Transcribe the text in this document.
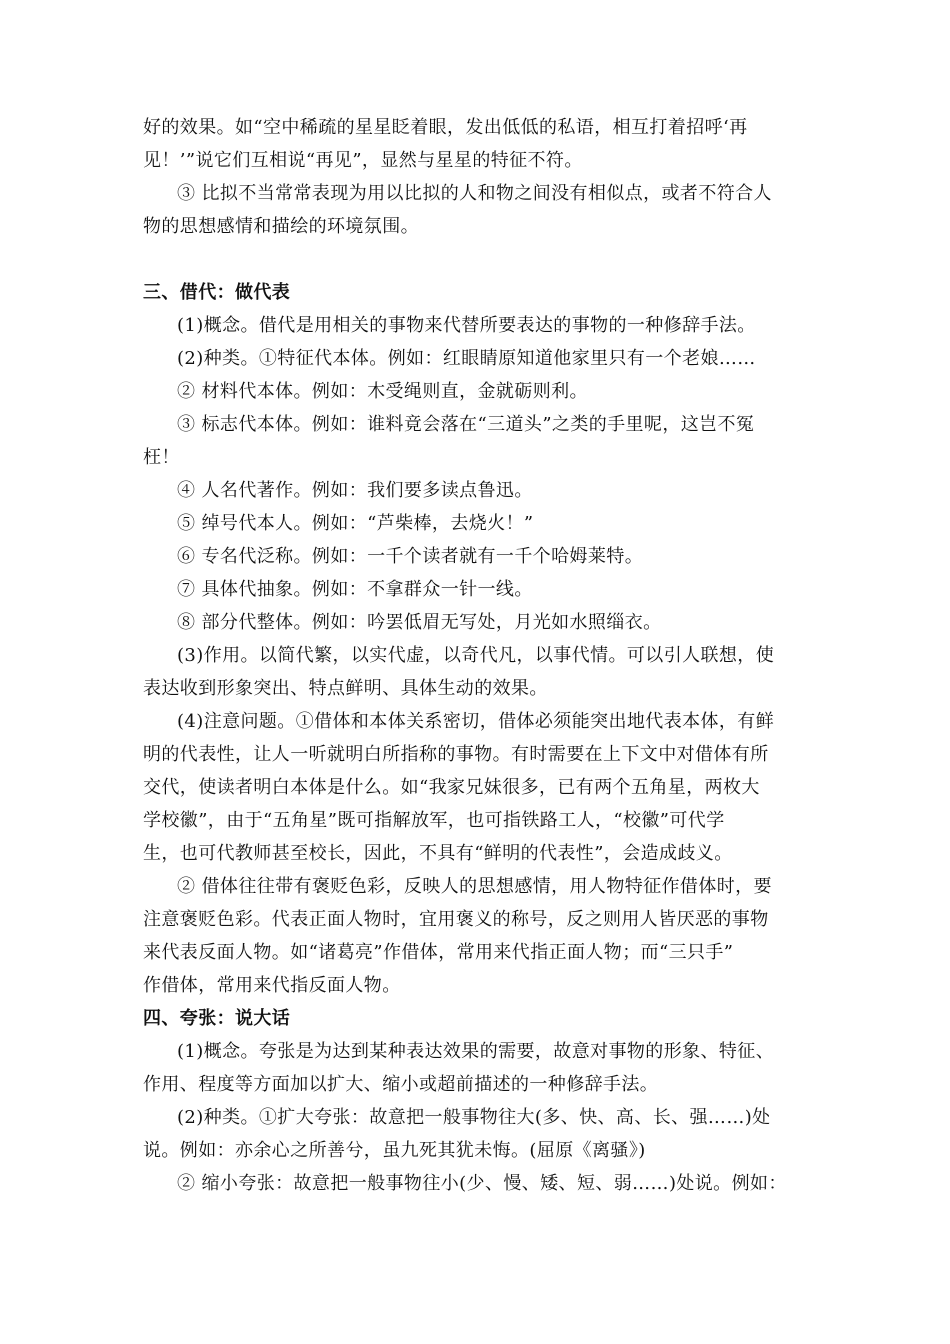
好的效果。如“空中稀疏的星星眨着眼，发出低低的私语，相互打着招呼‘再
见！’”说它们互相说“再见”，显然与星星的特征不符。
③ 比拟不当常常表现为用以比拟的人和物之间没有相似点，或者不符合人
物的思想感情和描绘的环境氛围。
三、借代：做代表
(1)概念。借代是用相关的事物来代替所要表达的事物的一种修辞手法。
(2)种类。①特征代本体。例如：红眼睛原知道他家里只有一个老娘……
② 材料代本体。例如：木受绳则直，金就砺则利。
③ 标志代本体。例如：谁料竟会落在“三道头”之类的手里呢，这岂不冤
枉！
④ 人名代著作。例如：我们要多读点鲁迅。
⑤ 绰号代本人。例如：“芦柴棒，去烧火！”
⑥ 专名代泛称。例如：一千个读者就有一千个哈姆莱特。
⑦ 具体代抽象。例如：不拿群众一针一线。
⑧ 部分代整体。例如：吟罢低眉无写处，月光如水照缁衣。
(3)作用。以简代繁，以实代虚，以奇代凡，以事代情。可以引人联想，使
表达收到形象突出、特点鲜明、具体生动的效果。
(4)注意问题。①借体和本体关系密切，借体必须能突出地代表本体，有鲜
明的代表性，让人一听就明白所指称的事物。有时需要在上下文中对借体有所
交代，使读者明白本体是什么。如“我家兄妹很多，已有两个五角星，两枚大
学校徽”，由于“五角星”既可指解放军，也可指铁路工人，“校徽”可代学
生，也可代教师甚至校长，因此，不具有“鲜明的代表性”，会造成歧义。
② 借体往往带有褒贬色彩，反映人的思想感情，用人物特征作借体时，要
注意褒贬色彩。代表正面人物时，宜用褒义的称号，反之则用人皆厌恶的事物
来代表反面人物。如“诸葛亮”作借体，常用来代指正面人物；而“三只手”
作借体，常用来代指反面人物。
四、夸张：说大话
(1)概念。夸张是为达到某种表达效果的需要，故意对事物的形象、特征、
作用、程度等方面加以扩大、缩小或超前描述的一种修辞手法。
(2)种类。①扩大夸张：故意把一般事物往大(多、快、高、长、强……)处
说。例如：亦余心之所善兮，虽九死其犹未悔。(屈原《离骚》)
② 缩小夸张：故意把一般事物往小(少、慢、矮、短、弱……)处说。例如：
